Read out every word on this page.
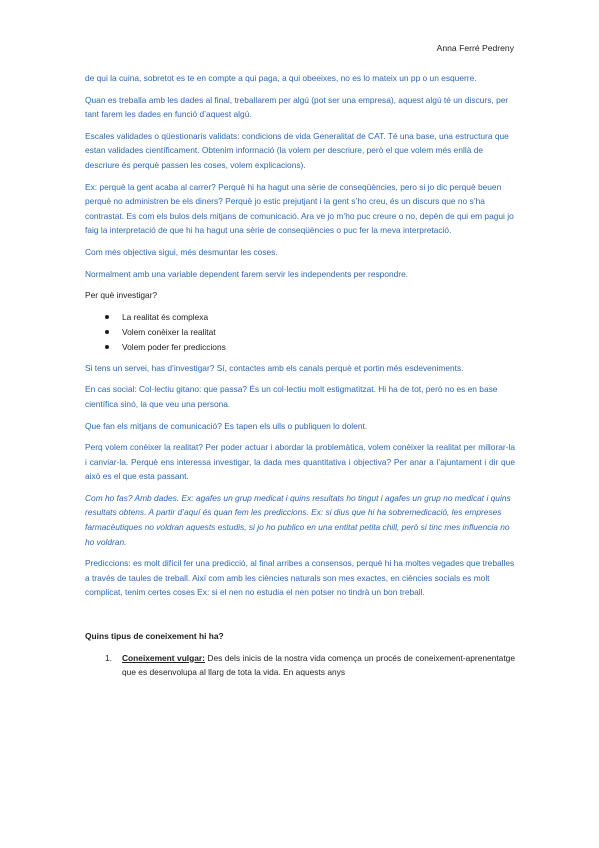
Anna Ferré Pedreny

de qui la cuina, sobretot es te en compte a qui paga, a qui obeeixes, no es lo mateix un pp o un esquerre.

Quan es treballa amb les dades al final, treballarem per algú (pot ser una empresa), aquest algú té un discurs, per tant farem les dades en funció d’aquest algú.

Escales validades o qüestionaris validats: condicions de vida Generalitat de CAT. Té una base, una estructura que estan validades científicament. Obtenim informació (la volem per descriure, però el que volem més enllà de descriure és perquè passen les coses, volem explicacions).

Ex: perquè la gent acaba al carrer? Perquè hi ha hagut una sèrie de conseqüències, pero si jo dic perquè beuen perquè no administren be els diners? Perquè jo estic prejutjant i la gent s’ho creu, és un discurs que no s’ha contrastat. Es com els bulos dels mitjans de comunicació. Ara ve jo m’ho puc creure o no, depèn de qui em pagui jo faig la interpretació de que hi ha hagut una sèrie de conseqüències o puc fer la meva interpretació.

Com més objectiva sigui, més desmuntar les coses.

Normalment amb una variable dependent farem servir les independents per respondre.

Per què investigar?

La realitat és complexa
Volem conèixer la realitat
Volem poder fer prediccions

Si tens un servei, has d’investigar? Sí, contactes amb els canals perquè et portin més esdeveniments.

En cas social: Col·lectiu gitano: que passa? És un col·lectiu molt estigmatitzat. Hi ha de tot, però no es en base científica sinó, la que veu una persona.

Que fan els mitjans de comunicació? Es tapen els ulls o publiquen lo dolent.

Perq volem conèixer la realitat? Per poder actuar i abordar la problemàtica, volem conèixer la realitat per millorar-la i canviar-la. Perquè ens interessa investigar, la dada mes quantitativa i objectiva? Per anar a l’ajuntament i dir que això es el que esta passant.

Com ho fas? Amb dades. Ex: agafes un grup medicat i quins resultats ho tingut i agafes un grup no medicat i quins resultats obtens. A partir d’aquí és quan fem les prediccions. Ex: si dius que hi ha sobremedicació, les empreses farmacèutiques no voldran aquests estudis, si jo ho publico en una entitat petita chill, però si tinc mes influencia no ho voldran.

Prediccions: es molt difícil fer una predicció, al final arribes a consensos, perquè hi ha moltes vegades que treballes a través de taules de treball. Així com amb les ciències naturals son mes exactes, en ciències socials es molt complicat, tenim certes coses Ex: si el nen no estudia el nen potser no tindrà un bon treball.

Quins tipus de coneixement hi ha?

1. Coneixement vulgar: Des dels inicis de la nostra vida comença un procés de coneixement-aprenentatge que es desenvolupa al llarg de tota la vida. En aquests anys
